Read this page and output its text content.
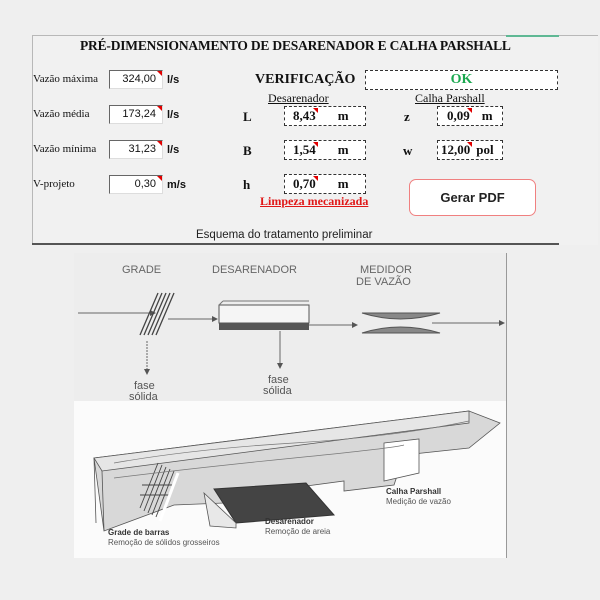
PRÉ-DIMENSIONAMENTO DE DESARENADOR E CALHA PARSHALL
Vazão máxima	324,00	l/s
Vazão média	173,24	l/s
Vazão mínima	31,23	l/s
V-projeto	0,30	m/s
VERIFICAÇÃO	OK
Desarenador
L	8,43 m
B	1,54 m
h	0,70 m
Limpeza mecanizada
Calha Parshall
z	0,09 m
w 12,00 pol
Gerar PDF
Esquema do tratamento preliminar
GRADE	DESARENADOR	MEDIDOR
DE VAZÃO
fase
sólida
fase
sólida
Grade de barras
Remoção de sólidos grosseiros
Desarenador
Remoção de areia
Calha Parshall
Medição de vazão
